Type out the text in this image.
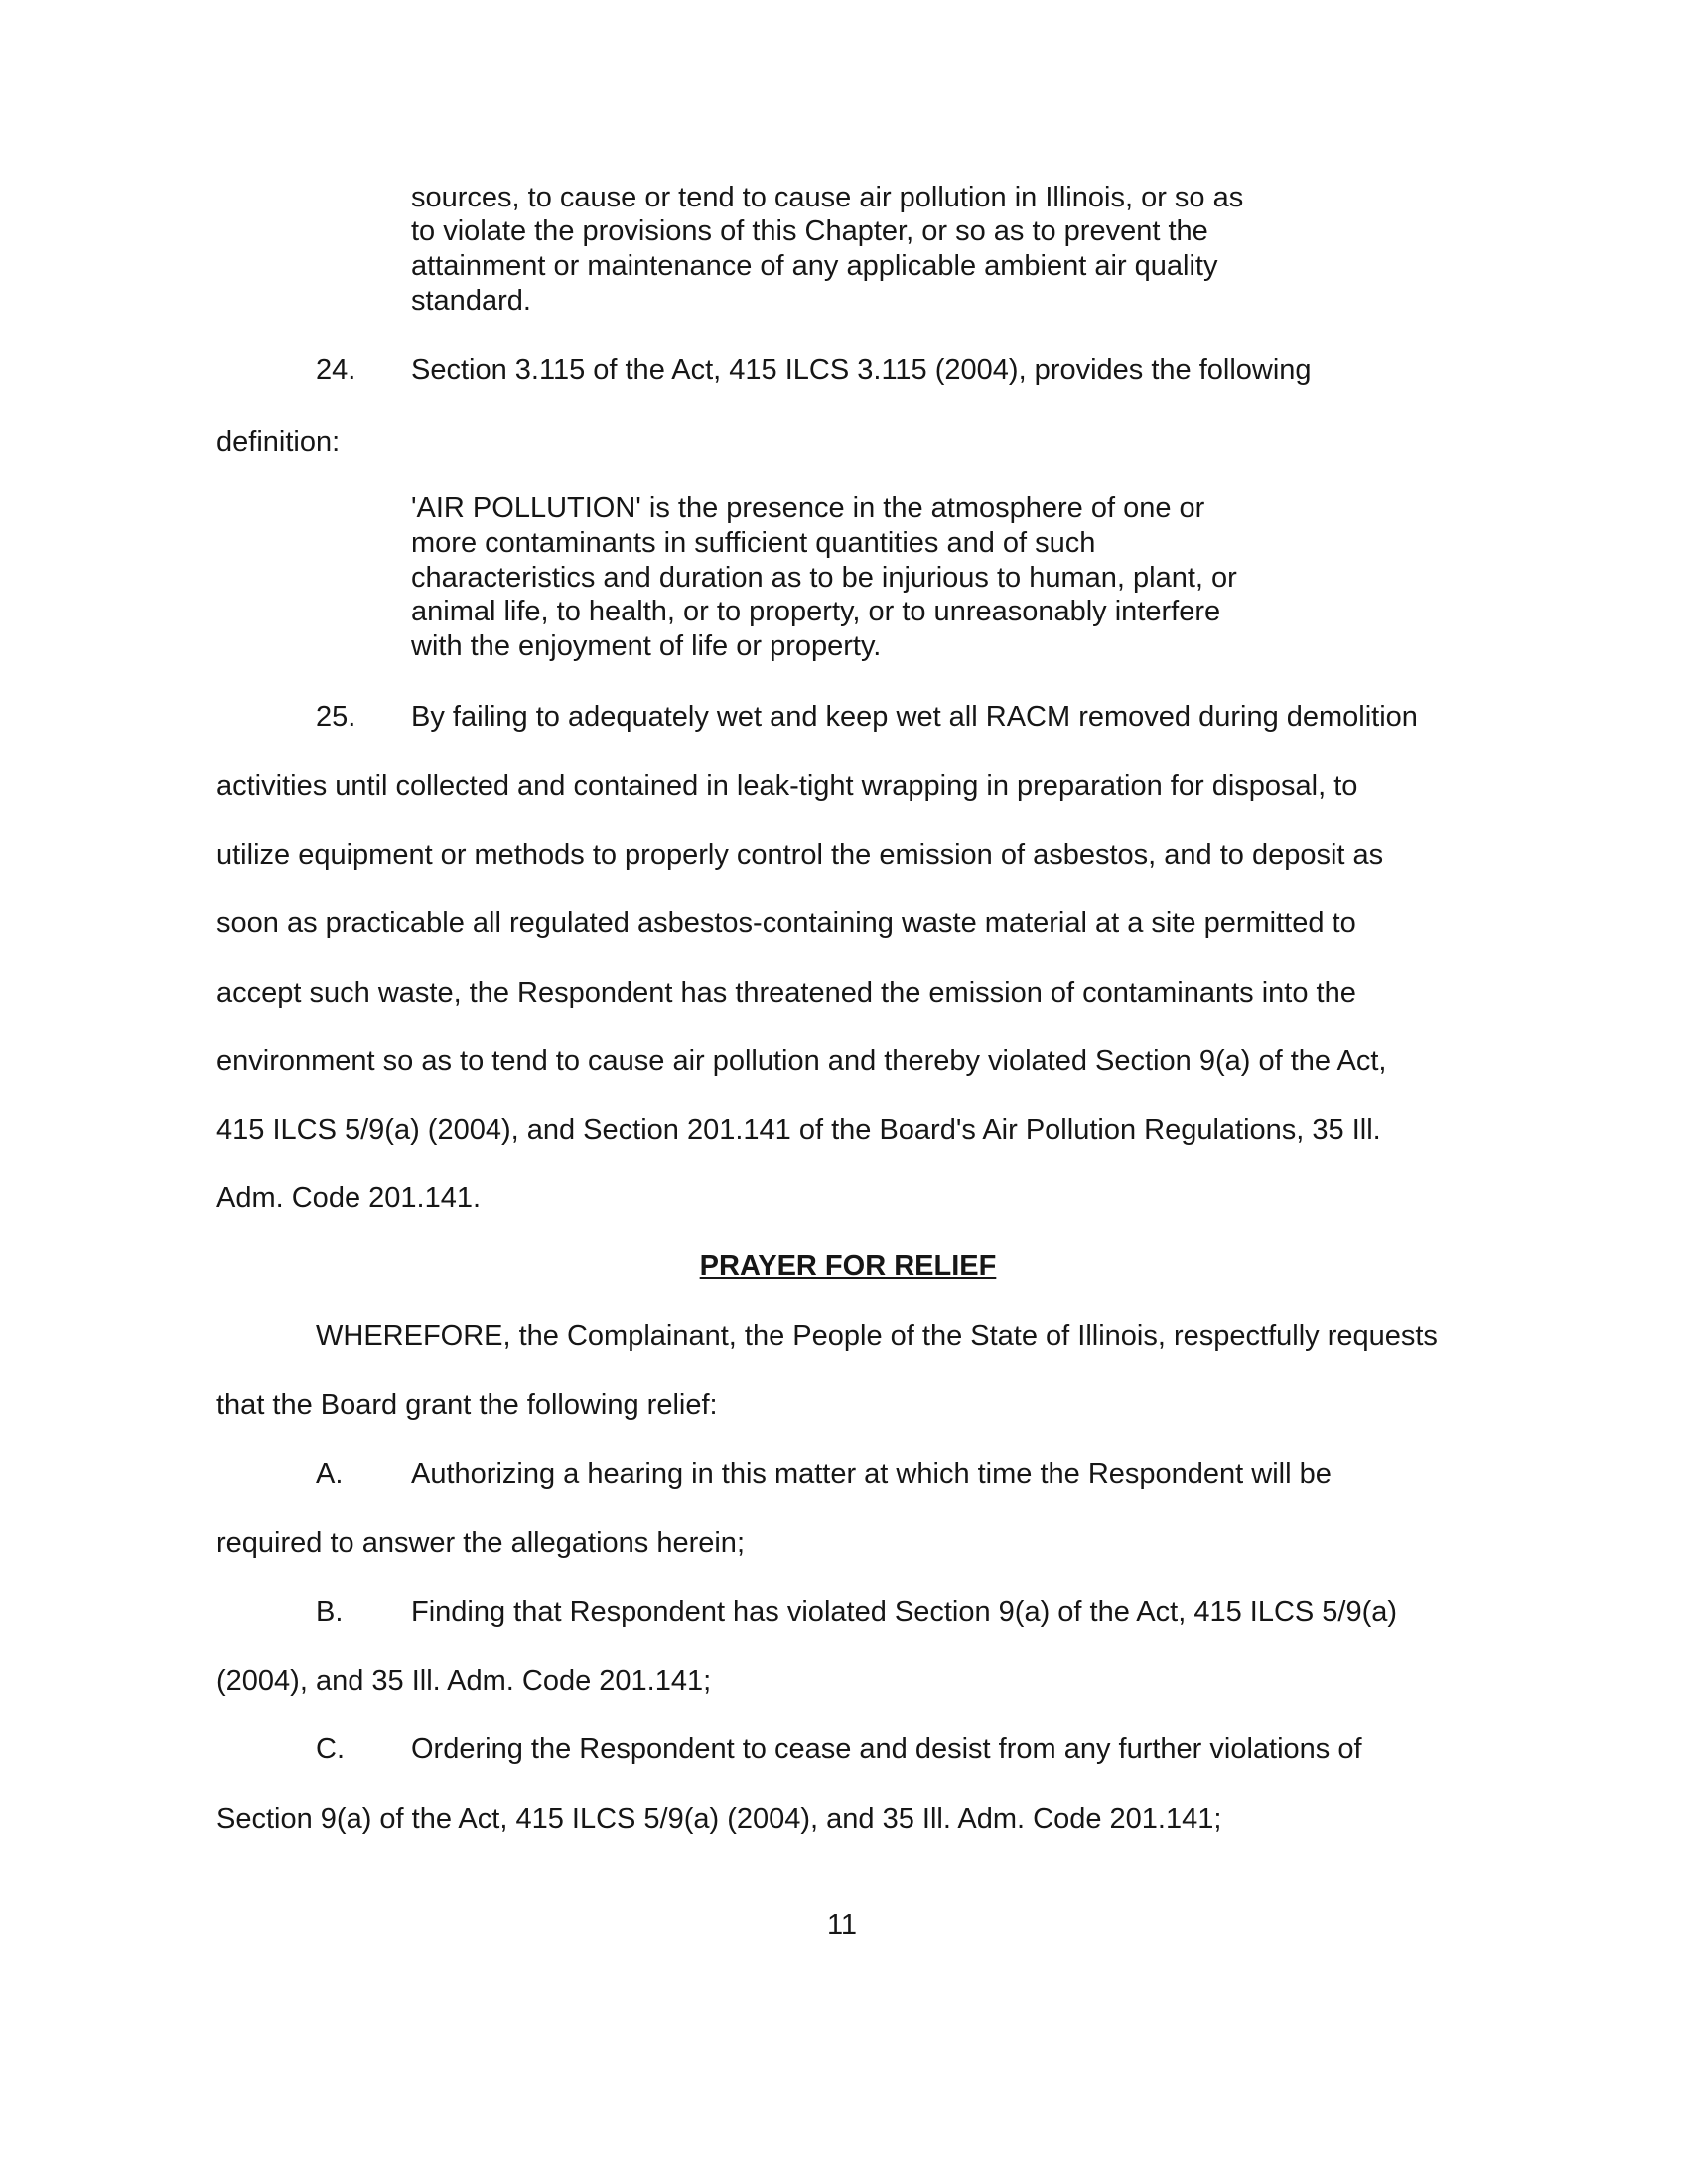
sources, to cause or tend to cause air pollution in Illinois, or so as
to violate the provisions of this Chapter, or so as to prevent the
attainment or maintenance of any applicable ambient air quality
standard.
24. Section 3.115 of the Act, 415 ILCS 3.115 (2004), provides the following
definition:
'AIR POLLUTION' is the presence in the atmosphere of one or
more contaminants in sufficient quantities and of such
characteristics and duration as to be injurious to human, plant, or
animal life, to health, or to property, or to unreasonably interfere
with the enjoyment of life or property.
25. By failing to adequately wet and keep wet all RACM removed during demolition
activities until collected and contained in leak-tight wrapping in preparation for disposal, to
utilize equipment or methods to properly control the emission of asbestos, and to deposit as
soon as practicable all regulated asbestos-containing waste material at a site permitted to
accept such waste, the Respondent has threatened the emission of contaminants into the
environment so as to tend to cause air pollution and thereby violated Section 9(a) of the Act,
415 ILCS 5/9(a) (2004), and Section 201.141 of the Board's Air Pollution Regulations, 35 Ill.
Adm. Code 201.141.
PRAYER FOR RELIEF
WHEREFORE, the Complainant, the People of the State of Illinois, respectfully requests
that the Board grant the following relief:
A. Authorizing a hearing in this matter at which time the Respondent will be
required to answer the allegations herein;
B. Finding that Respondent has violated Section 9(a) of the Act, 415 ILCS 5/9(a)
(2004), and 35 Ill. Adm. Code 201.141;
C. Ordering the Respondent to cease and desist from any further violations of
Section 9(a) of the Act, 415 ILCS 5/9(a) (2004), and 35 Ill. Adm. Code 201.141;
11
